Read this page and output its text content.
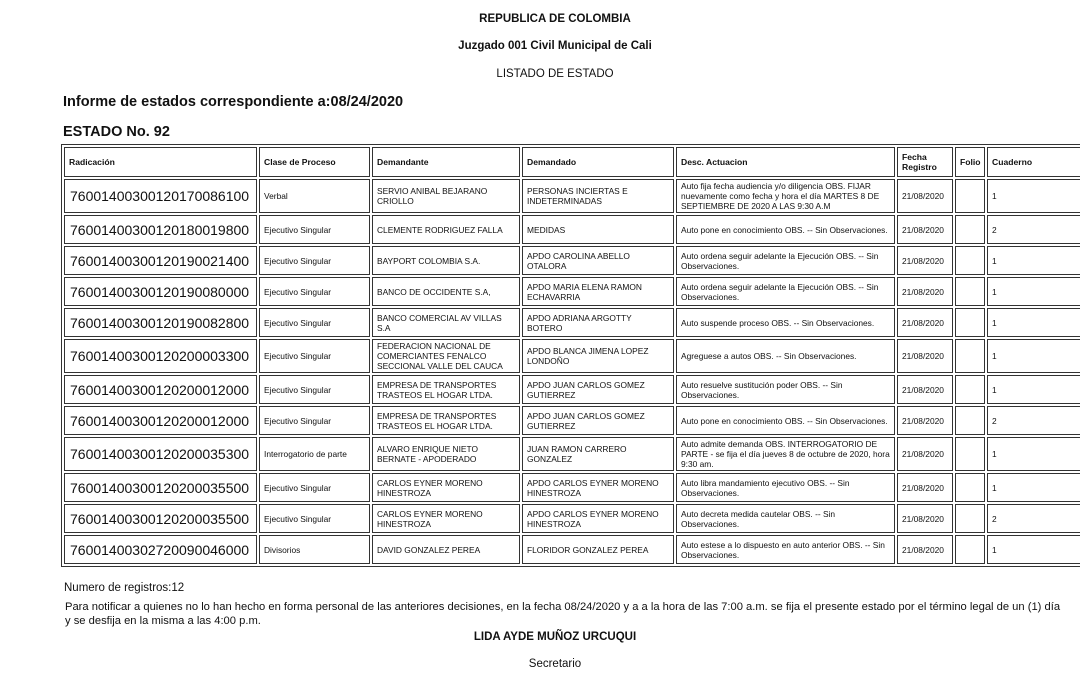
REPUBLICA DE COLOMBIA
Juzgado 001 Civil Municipal de Cali
LISTADO DE ESTADO
Informe de estados correspondiente a:08/24/2020
ESTADO No. 92
Radicación	Clase de Proceso	Demandante	Demandado	Desc. Actuacion	Fecha Registro	Folio	Cuaderno
76001400300120170086100	Verbal	SERVIO ANIBAL BEJARANO CRIOLLO	PERSONAS INCIERTAS E INDETERMINADAS	Auto fija fecha audiencia y/o diligencia OBS. FIJAR nuevamente como fecha y hora el día MARTES 8 DE SEPTIEMBRE DE 2020 A LAS 9:30 A.M	21/08/2020		1
76001400300120180019800	Ejecutivo Singular	CLEMENTE RODRIGUEZ FALLA	MEDIDAS	Auto pone en conocimiento OBS. -- Sin Observaciones.	21/08/2020		2
76001400300120190021400	Ejecutivo Singular	BAYPORT COLOMBIA S.A.	APDO CAROLINA ABELLO OTALORA	Auto ordena seguir adelante la Ejecución OBS. -- Sin Observaciones.	21/08/2020		1
76001400300120190080000	Ejecutivo Singular	BANCO DE OCCIDENTE S.A,	APDO MARIA ELENA RAMON ECHAVARRIA	Auto ordena seguir adelante la Ejecución OBS. -- Sin Observaciones.	21/08/2020		1
76001400300120190082800	Ejecutivo Singular	BANCO COMERCIAL AV VILLAS S.A	APDO ADRIANA ARGOTTY BOTERO	Auto suspende proceso OBS. -- Sin Observaciones.	21/08/2020		1
76001400300120200003300	Ejecutivo Singular	FEDERACION NACIONAL DE COMERCIANTES FENALCO SECCIONAL VALLE DEL CAUCA	APDO BLANCA JIMENA LOPEZ LONDOÑO	Agreguese a autos OBS. -- Sin Observaciones.	21/08/2020		1
76001400300120200012000	Ejecutivo Singular	EMPRESA DE TRANSPORTES TRASTEOS EL HOGAR LTDA.	APDO JUAN CARLOS GOMEZ GUTIERREZ	Auto resuelve sustitución poder OBS. -- Sin Observaciones.	21/08/2020		1
76001400300120200012000	Ejecutivo Singular	EMPRESA DE TRANSPORTES TRASTEOS EL HOGAR LTDA.	APDO JUAN CARLOS GOMEZ GUTIERREZ	Auto pone en conocimiento OBS. -- Sin Observaciones.	21/08/2020		2
76001400300120200035300	Interrogatorio de parte	ALVARO ENRIQUE NIETO BERNATE - APODERADO	JUAN RAMON CARRERO GONZALEZ	Auto admite demanda OBS. INTERROGATORIO DE PARTE - se fija el día jueves 8 de octubre de 2020, hora 9:30 am.	21/08/2020		1
76001400300120200035500	Ejecutivo Singular	CARLOS EYNER MORENO HINESTROZA	APDO CARLOS EYNER MORENO HINESTROZA	Auto libra mandamiento ejecutivo OBS. -- Sin Observaciones.	21/08/2020		1
76001400300120200035500	Ejecutivo Singular	CARLOS EYNER MORENO HINESTROZA	APDO CARLOS EYNER MORENO HINESTROZA	Auto decreta medida cautelar OBS. -- Sin Observaciones.	21/08/2020		2
76001400302720090046000	Divisorios	DAVID GONZALEZ PEREA	FLORIDOR GONZALEZ PEREA	Auto estese a lo dispuesto en auto anterior OBS. -- Sin Observaciones.	21/08/2020		1
Numero de registros:12
Para notificar a quienes no lo han hecho en forma personal de las anteriores decisiones, en la fecha 08/24/2020 y a a la hora de las 7:00 a.m. se fija el presente estado por el término legal de un (1) día y se desfija en la misma a las 4:00 p.m.
LIDA AYDE MUÑOZ URCUQUI
Secretario
